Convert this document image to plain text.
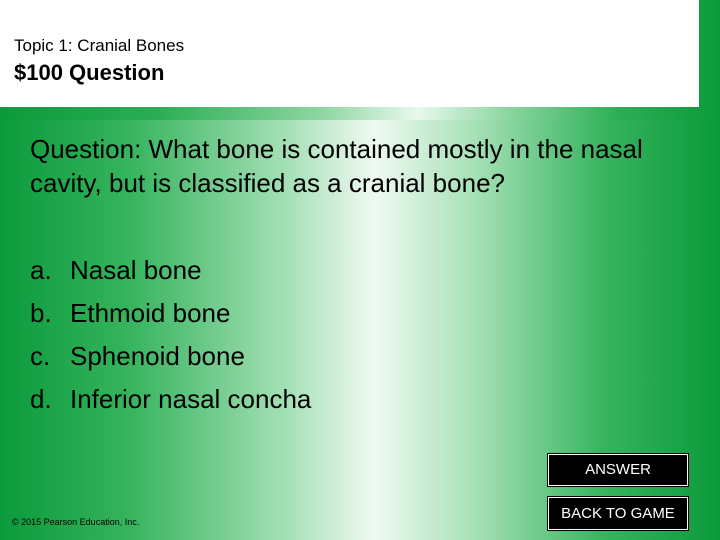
Topic 1: Cranial Bones
$100 Question
Question: What bone is contained mostly in the nasal cavity, but is classified as a cranial bone?
a. Nasal bone
b. Ethmoid bone
c. Sphenoid bone
d. Inferior nasal concha
ANSWER
BACK TO GAME
© 2015 Pearson Education, Inc.
